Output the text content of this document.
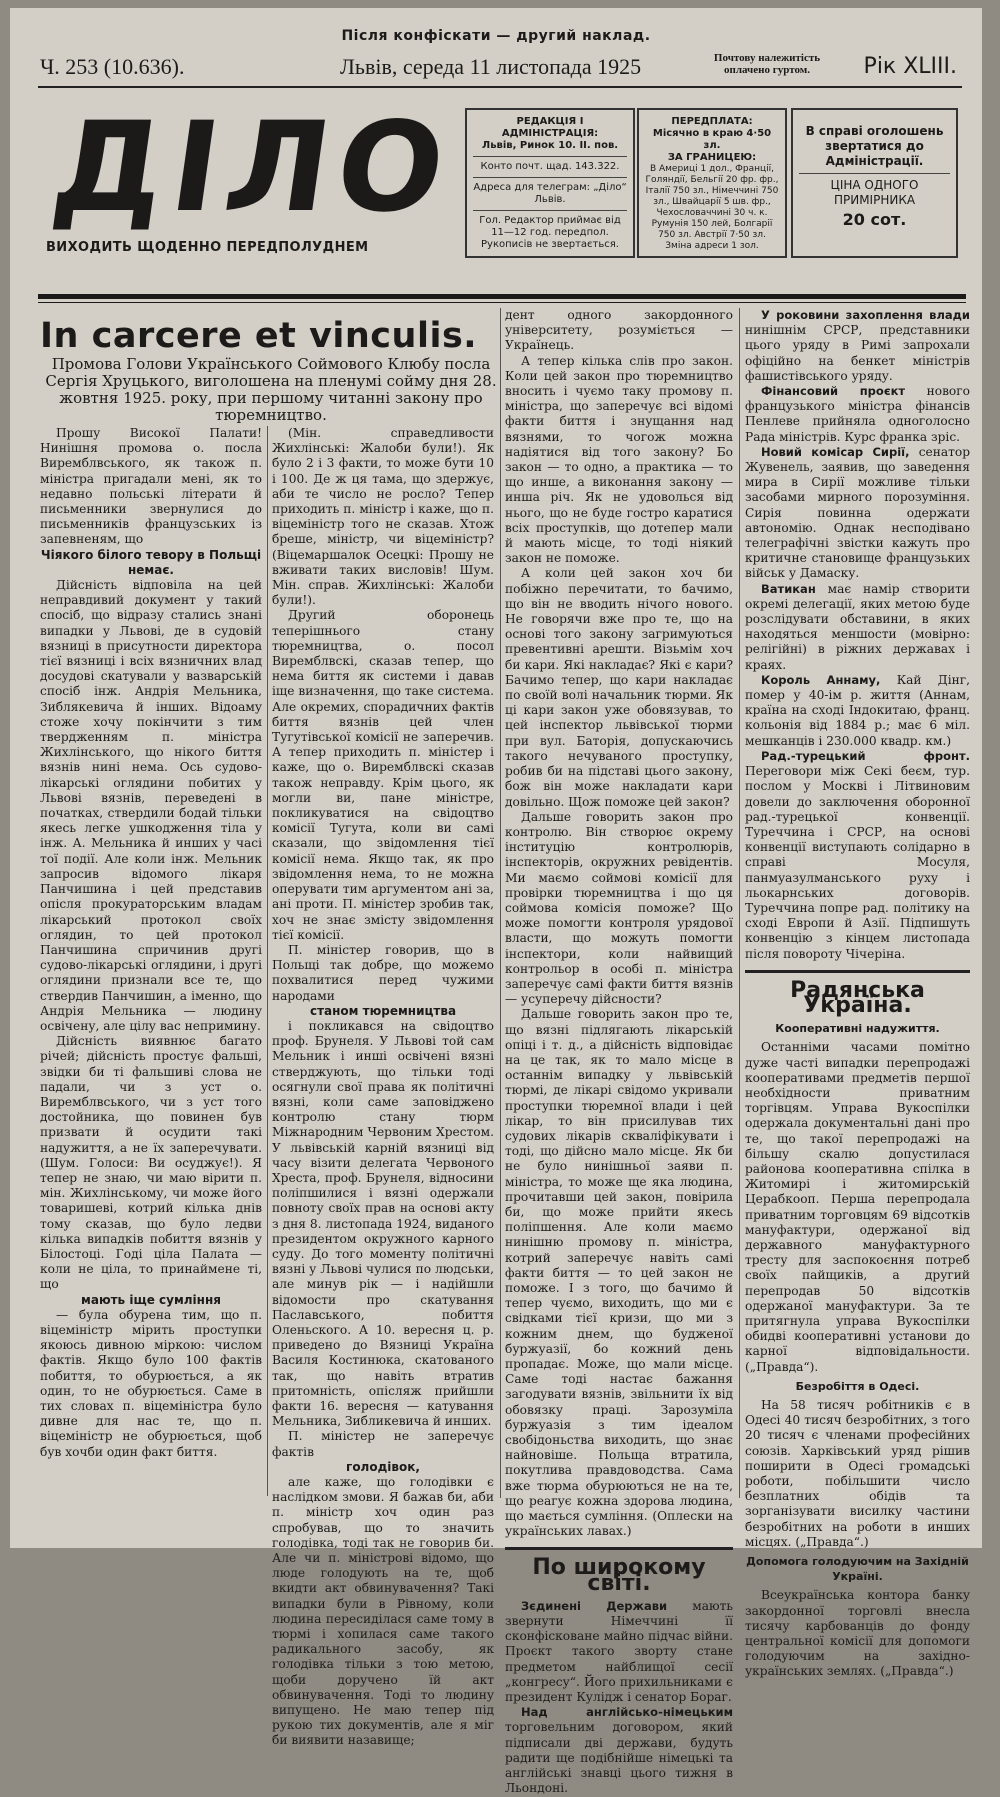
Після конфіскати — другий наклад.
Ч. 253 (10.636).	Львів, середа 11 листопада 1925	Почтову належитість
оплачено гуртом.	Рік XLIII.
ДІЛО
ВИХОДИТЬ ЩОДЕННО ПЕРЕДПОЛУДНЕМ
РЕДАКЦІЯ І АДМІНІСТРАЦІЯ:
Львів, Ринок 10. II. пов.
Конто почт. щад. 143.322.
Адреса для телеграм: „Діло“ Львів.
Гол. Редактор приймає від 11—12 год. передпол.
Рукописів не звертається.
ПЕРЕДПЛАТА:
Місячно в краю 4·50 зл.
ЗА ГРАНИЦЕЮ:
В Америці 1 дол., Франції, Голяндії, Бельгії 20 фр. фр., Італії 750 зл., Німеччині 750 зл., Швайцарії 5 шв. фр., Чехословаччині 30 ч. к. Румунія 150 лей, Болгарії 750 зл. Австрії 7·50 зл. Зміна адреси 1 зол.
В справі оголошень звертатися до Адміністрації.
ЦІНА ОДНОГО ПРИМІРНИКА
20 сот.
In carcere et vinculis.
Промова Голови Українського Соймового Клюбу посла Сергія Хруцького, виголошена на пленумі сойму дня 28. жовтня 1925. року, при першому читанні закону про тюремництво.

Прошу Високої Палати! Нинішня промова о. посла Виремблвського, як також п. міністра пригадали мені, як то недавно польські літерати й письменники звернулися до письменників французських із запевненям, що

Чіякого білого тевору в Польщі немає.

Дійсність відповіла на цей неправдивий документ у такий спосіб, що відразу стались знані випадки у Львові, де в судовій вязниці в присутности директора тієї вязниці і всіх вязничних влад досудові скатували у вазварській спосіб інж. Андрія Мельника, Зиблякевича й інших. Відоаму стоже хочу покінчити з тим твердженням п. міністра Жихлінського, що нікого биття вязнів нині нема. Ось судово-лікарські оглядини побитих у Львові вязнів, переведені в початках, ствердили бодай тільки якесь легке ушкодження тіла у інж. А. Мельника й инших у часі тої події. Але коли інж. Мельник запросив відомого лікаря Панчишина і цей представив опісля прокураторським владам лікарський протокол своїх оглядин, то цей протокол Панчишина спричинив другі судово-лікарські оглядини, і другі оглядини признали все те, що ствердив Панчишин, а іменно, що Андрія Мельника — людину освічену, але цілу вас непримину.

Дійсність виявнює багато річей; дійсність простує фальші, звідки би ті фальшиві слова не падали, чи з уст о. Виремблвського, чи з уст того достойника, що повинен був призвати й осудити такі надужиття, а не їх заперечувати. (Шум. Голоси: Ви осуджує!). Я тепер не знаю, чи маю вірити п. мін. Жихлінському, чи може його товаришеві, котрий кілька днів тому сказав, що було ледви кілька випадків побиття вязнів у Білостоці. Годі ціла Палата — коли не ціла, то принаймене ті, що

мають іще сумління

— була обурена тим, що п. віцеміністр мірить проступки якоюсь дивною міркою: числом фактів. Якщо було 100 фактів побиття, то обурюється, а як один, то не обурюється. Саме в тих словах п. віцеміністра було дивне для нас те, що п. віцеміністр не обурюється, щоб був хочби один факт биття.

(Мін. справедливости Жихлінські: Жалоби були!). Як було 2 і 3 факти, то може бути 10 і 100. Де ж ця тама, що здержує, аби те число не росло? Тепер приходить п. міністр і каже, що п. віцеміністр того не сказав. Хтож бреше, міністр, чи віцеміністр? (Віцемаршалок Осецкі: Прошу не вживати таких висловів! Шум. Мін. справ. Жихлінські: Жалоби були!).

Другий оборонець теперішнього стану тюремництва, о. посол Виремблвскі, сказав тепер, що нема биття як системи і давав іще визначення, що таке система. Але окремих, спорадичних фактів биття вязнів цей член Тугутівської комісії не заперечив. А тепер приходить п. міністер і каже, що о. Виремблвскі сказав також неправду. Крім цього, як могли ви, пане міністре, покликуватися на свідоцтво комісії Тугута, коли ви самі сказали, що звідомлення тієї комісії нема. Якщо так, як про звідомлення нема, то не можна оперувати тим аргументом ані за, ані проти. П. міністер зробив так, хоч не знає змісту звідомлення тієї комісії.

П. міністер говорив, що в Польщі так добре, що можемо похвалитися перед чужими народами

станом тюремництва

і покликався на свідоцтво проф. Брунеля. У Львові той сам Мельник і инші освічені вязні стверджують, що тільки тоді осягнули свої права як політичні вязні, коли саме заповіджено контролю стану тюрм Міжнародним Червоним Хрестом. У львівській карній вязниці від часу візити делегата Червоного Хреста, проф. Брунеля, відносини поліпшилися і вязні одержали повноту своїх прав на основі акту з дня 8. листопада 1924, виданого президентом окружного карного суду. До того моменту політичні вязні у Львові чулися по людськи, але минув рік — і надійшли відомости про скатування Паславського, побиття Оленьского. А 10. вересня ц. р. приведено до Вязниці Україна Василя Костинюка, скатованого так, що навіть втратив притомність, опісляж прийшли факти 16. вересня — катування Мельника, Зибликевича й инших.

П. міністер не заперечує фактів

голодівок,

але каже, що голодівки є наслідком змови. Я бажав би, аби п. міністр хоч один раз спробував, що то значить голодівка, тоді так не говорив би. Але чи п. міністрові відомо, що люде голодують на те, щоб вкидти акт обвинувачення? Такі випадки були в Рівному, коли людина пересиділася саме тому в тюрмі і хопилася саме такого радикального засобу, як голодівка тільки з тою метою, щоби доручено їй акт обвинувачення. Тоді то людину випущено. Не маю тепер під рукою тих документів, але я міг би виявити назавище;

дент одного закордонного університету, розуміється — Українець.

А тепер кілька слів про закон. Коли цей закон про тюремництво вносить і чуємо таку промову п. міністра, що заперечує всі відомі факти биття і знущання над вязнями, то чогож можна надіятися від того закону? Бо закон — то одно, а практика — то що инше, а виконання закону — инша річ. Як не удоволься від нього, що не буде гостро каратися всіх проступків, що дотепер мали й мають місце, то тоді ніякий закон не поможе.

А коли цей закон хоч би побіжно перечитати, то бачимо, що він не вводить нічого нового. Не говорячи вже про те, що на основі того закону загримуються превентивні арешти. Візьмім хоч би кари. Які накладає? Які є кари? Бачимо тепер, що кари накладає по своїй волі начальник тюрми. Як ці кари закон уже обовязував, то цей інспектор львівської тюрми при вул. Баторія, допускаючись такого нечуваного проступку, робив би на підставі цього закону, бож він може накладати кари довільно. Щож поможе цей закон?

Дальше говорить закон про контролю. Він створює окрему інституцію контролюрів, інспекторів, окружних ревідентів. Ми маємо соймові комісії для провірки тюремництва і що ця соймова комісія поможе? Що може помогти контроля урядової власти, що можуть помогти інспектори, коли найвищий контрольор в особі п. міністра заперечує самі факти биття вязнів — усуперечу дійсности?

Дальше говорить закон про те, що вязні підлягають лікарській опіці і т. д., а дійсність відповідає на це так, як то мало місце в останнім випадку у львівській тюрмі, де лікарі свідомо укривали проступки тюремної влади і цей лікар, то він присилував тих судових лікарів скваліфікувати і тоді, що дійсно мало місце. Як би не було нинішньої заяви п. міністра, то може ще яка людина, прочитавши цей закон, повірила би, що може прийти якесь поліпшення. Але коли маємо нинішню промову п. міністра, котрий заперечує навіть самі факти биття — то цей закон не поможе. І з того, що бачимо й тепер чуємо, виходить, що ми є свідками тієї кризи, що ми з кожним днем, що будженої буржуазії, бо кожний день пропадає. Може, що мали місце. Саме тоді настає бажання загодувати вязнів, звільнити їх від обовязку праці. Зарозуміла буржуазія з тим ідеалом свобідоньства виходить, що знає найновіше. Польща втратила, покутлива правдоводства. Сама вже тюрма обурюються не на те, що реагує кожна здорова людина, що мається сумління. (Оплески на українських лавах.)

По широкому світі.

Зєдинені Держави мають звернути Німеччині її сконфісковане майно підчас війни. Проєкт такого зворту стане предметом найблищої сесії „конгресу“. Його прихильниками є президент Кулідж і сенатор Бораг.

Над англійсько-німецьким торговельним договором, який підписали дві держави, будуть радити ще подібнійше німецькі та англійські знавці цього тижня в Льондоні.

У роковини захоплення влади нинішнім СРСР, представники цього уряду в Римі запрохали офіційно на бенкет міністрів фашистівського уряду.

Фінансовий проєкт нового французького міністра фінансів Пенлеве прийняла одноголосно Рада міністрів. Курс франка зріс.

Новий комісар Сирії, сенатор Жувенель, заявив, що заведення мира в Сирії можливе тільки засобами мирного порозуміння. Сирія повинна одержати автономію. Однак несподівано телеграфічні звістки кажуть про критичне становище французьких військ у Дамаску.

Ватикан має намір створити окремі делегації, яких метою буде розслідувати обставини, в яких находяться меншости (мовірно: релігійні) в ріжних державах і краях.

Король Аннаму, Кай Дінг, помер у 40-ім р. життя (Аннам, країна на сході Індокитаю, франц. кольонія від 1884 р.; має 6 міл. мешканців і 230.000 квадр. км.)

Рад.-турецький фронт. Переговори між Секі беєм, тур. послом у Москві і Літвиновим довели до заключення оборонної рад.-турецької конвенції. Туреччина і СРСР, на основі конвенції виступають солідарно в справі Мосуля, панмуазулманського руху і льокарнських договорів. Туреччина попре рад. політику на сході Европи й Азії. Підпишуть конвенцію з кінцем листопада після повороту Чічеріна.

Радянська Україна.
Кооперативні надужиття.

Останніми часами помітно дуже часті випадки перепродажі кооперативами предметів першої необхідности приватним торгівцям. Управа Вукоспілки одержала документальні дані про те, що такої перепродажі на більшу скалю допустилася районова кооперативна спілка в Житомирі і житомирській Церабкооп. Перша перепродала приватним торговцям 69 відсотків мануфактури, одержаної від державного мануфактурного тресту для заспокоєння потреб своїх пайщиків, а другий перепродав 50 відсотків одержаної мануфактури. За те притягнула управа Вукоспілки обидві кооперативні установи до карної відповідальности. („Правда“).

Безробіття в Одесі.

На 58 тисяч робітників є в Одесі 40 тисяч безробітних, з того 20 тисяч є членами професійних союзів. Харківський уряд рішив поширити в Одесі громадські роботи, побільшити число безплатних обідів та зорганізувати висилку частини безробітних на роботи в инших місцях. („Правда“.)

Допомога голодуючим на Західній Україні.

Всеукраїнська контора банку закордонної торговлі внесла тисячу карбованців до фонду центральної комісії для допомоги голодуючим на західно-українських землях. („Правда“.)
